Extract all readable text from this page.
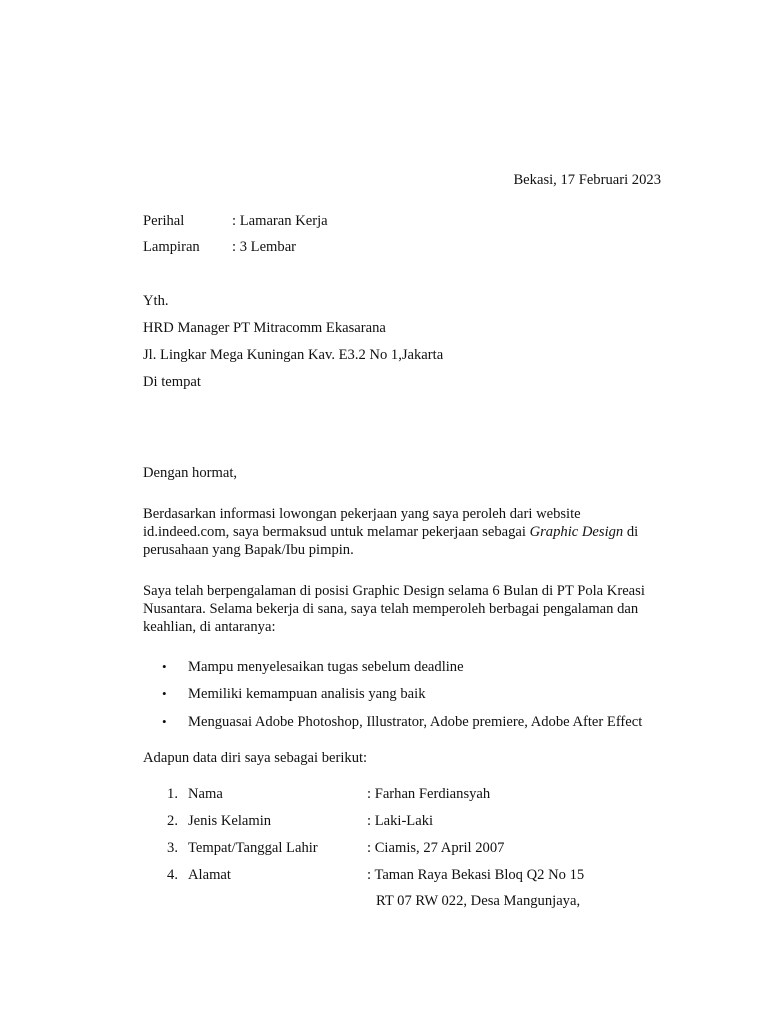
Bekasi, 17 Februari 2023
Perihal	: Lamaran Kerja
Lampiran : 3 Lembar
Yth.
HRD Manager PT Mitracomm Ekasarana
Jl. Lingkar Mega Kuningan Kav. E3.2 No 1,Jakarta
Di tempat
Dengan hormat,
Berdasarkan informasi lowongan pekerjaan yang saya peroleh dari website id.indeed.com, saya bermaksud untuk melamar pekerjaan sebagai Graphic Design di perusahaan yang Bapak/Ibu pimpin.
Saya telah berpengalaman di posisi Graphic Design selama 6 Bulan di PT Pola Kreasi Nusantara. Selama bekerja di sana, saya telah memperoleh berbagai pengalaman dan keahlian, di antaranya:
• Mampu menyelesaikan tugas sebelum deadline
• Memiliki kemampuan analisis yang baik
• Menguasai Adobe Photoshop, Illustrator, Adobe premiere, Adobe After Effect
Adapun data diri saya sebagai berikut:
1. Nama	: Farhan Ferdiansyah
2. Jenis Kelamin	: Laki-Laki
3. Tempat/Tanggal Lahir	: Ciamis, 27 April 2007
4. Alamat	: Taman Raya Bekasi Bloq Q2 No 15
RT 07 RW 022, Desa Mangunjaya,
